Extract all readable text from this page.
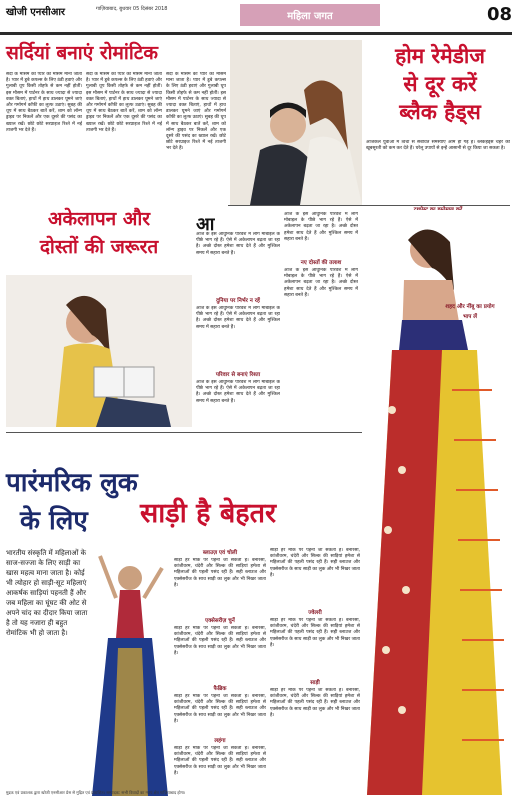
खोजी एनसीआर	गाज़ियाबाद, बुधवार 05 दिसंबर 2018
महिला जगत	08
सर्दियां बनाएं रोमांटिक
सर्दी के मौसम को प्यार का मौसम माना जाता है। प्यार में डूबे कपल्स के लिए ठंडी हवाएं और गुलाबी धूप किसी तोहफे से कम नहीं होतीं। इस मौसम में पार्टनर के साथ ज्यादा से ज्यादा वक्त बिताएं, हाथों में हाथ डालकर घूमने जाएं और गर्मागर्म कॉफी का लुत्फ उठाएं। सुबह की धूप में साथ बैठकर बातें करें, शाम को लॉन्ग ड्राइव पर निकलें और एक दूसरे की पसंद का ख्याल रखें। छोटे छोटे सरप्राइज रिश्ते में नई ताजगी भर देते हैं।
सर्दी के मौसम को प्यार का मौसम माना जाता है। प्यार में डूबे कपल्स के लिए ठंडी हवाएं और गुलाबी धूप किसी तोहफे से कम नहीं होतीं। इस मौसम में पार्टनर के साथ ज्यादा से ज्यादा वक्त बिताएं, हाथों में हाथ डालकर घूमने जाएं और गर्मागर्म कॉफी का लुत्फ उठाएं। सुबह की धूप में साथ बैठकर बातें करें, शाम को लॉन्ग ड्राइव पर निकलें और एक दूसरे की पसंद का ख्याल रखें। छोटे छोटे सरप्राइज रिश्ते में नई ताजगी भर देते हैं।
सर्दी के मौसम को प्यार का मौसम माना जाता है। प्यार में डूबे कपल्स के लिए ठंडी हवाएं और गुलाबी धूप किसी तोहफे से कम नहीं होतीं। इस मौसम में पार्टनर के साथ ज्यादा से ज्यादा वक्त बिताएं, हाथों में हाथ डालकर घूमने जाएं और गर्मागर्म कॉफी का लुत्फ उठाएं। सुबह की धूप में साथ बैठकर बातें करें, शाम को लॉन्ग ड्राइव पर निकलें और एक दूसरे की पसंद का ख्याल रखें। छोटे छोटे सरप्राइज रिश्ते में नई ताजगी भर देते हैं।
होम रेमेडीज
से दूर करें
ब्लैक हैड्स
आजकल युवाओं में त्वचा से संबंधित समस्याएं आम हो गई हैं। ब्लैकहेड्स चेहरे की खूबसूरती को कम कर देते हैं। घरेलू उपायों से इन्हें आसानी से दूर किया जा सकता है।
अकेलापन और
दोस्तों की जरूरत
आ
आज के इस आधुनिक परिवेश में लोग मोबाइल के पीछे भाग रहे हैं। ऐसे में अकेलापन बढ़ता जा रहा है। अच्छे दोस्त हमेशा साथ देते हैं और मुश्किल समय में सहारा बनते हैं।
दुनिया पर निर्भर न रहें
आज के इस आधुनिक परिवेश में लोग मोबाइल के पीछे भाग रहे हैं। ऐसे में अकेलापन बढ़ता जा रहा है। अच्छे दोस्त हमेशा साथ देते हैं और मुश्किल समय में सहारा बनते हैं।
परिवार से बनाएं रिश्ता
आज के इस आधुनिक परिवेश में लोग मोबाइल के पीछे भाग रहे हैं। ऐसे में अकेलापन बढ़ता जा रहा है। अच्छे दोस्त हमेशा साथ देते हैं और मुश्किल समय में सहारा बनते हैं।
आज के इस आधुनिक परिवेश में लोग मोबाइल के पीछे भाग रहे हैं। ऐसे में अकेलापन बढ़ता जा रहा है। अच्छे दोस्त हमेशा साथ देते हैं और मुश्किल समय में सहारा बनते हैं।
नए दोस्तों की तलाश
आज के इस आधुनिक परिवेश में लोग मोबाइल के पीछे भाग रहे हैं। ऐसे में अकेलापन बढ़ता जा रहा है। अच्छे दोस्त हमेशा साथ देते हैं और मुश्किल समय में सहारा बनते हैं।
शहद और नींबू का प्रयोग
भाप लें
पारंमरिक लुक
के लिए	साड़ी है बेहतर
भारतीय संस्कृति में महिलाओं के साज-सज्जा के लिए साड़ी का खास महत्व माना जाता है। कोई भी त्योहार हो साड़ी-सूट महिलाएं आकर्षक साड़ियां पहनती हैं और जब महिला का घूंघट की ओट से अपने चांद का दीदार किया जाता है तो यह नजारा ही बहुत रोमांटिक भी हो जाता है।
ब्लाउज़ एवं चोली
साड़ी हर मौके पर पहनी जा सकती है। बनारसी, कांजीवरम, चंदेरी और सिल्क की साड़ियां हमेशा से महिलाओं की पहली पसंद रही हैं। सही ब्लाउज और एक्सेसरीज के साथ साड़ी का लुक और भी निखर जाता है।
एक्सेसरीज़ चुनें
साड़ी हर मौके पर पहनी जा सकती है। बनारसी, कांजीवरम, चंदेरी और सिल्क की साड़ियां हमेशा से महिलाओं की पहली पसंद रही हैं। सही ब्लाउज और एक्सेसरीज के साथ साड़ी का लुक और भी निखर जाता है।
फैब्रिक
साड़ी हर मौके पर पहनी जा सकती है। बनारसी, कांजीवरम, चंदेरी और सिल्क की साड़ियां हमेशा से महिलाओं की पहली पसंद रही हैं। सही ब्लाउज और एक्सेसरीज के साथ साड़ी का लुक और भी निखर जाता है।
लहंगा
साड़ी हर मौके पर पहनी जा सकती है। बनारसी, कांजीवरम, चंदेरी और सिल्क की साड़ियां हमेशा से महिलाओं की पहली पसंद रही हैं। सही ब्लाउज और एक्सेसरीज के साथ साड़ी का लुक और भी निखर जाता है।
साड़ी हर मौके पर पहनी जा सकती है। बनारसी, कांजीवरम, चंदेरी और सिल्क की साड़ियां हमेशा से महिलाओं की पहली पसंद रही हैं। सही ब्लाउज और एक्सेसरीज के साथ साड़ी का लुक और भी निखर जाता है।
ज्वेलरी
साड़ी हर मौके पर पहनी जा सकती है। बनारसी, कांजीवरम, चंदेरी और सिल्क की साड़ियां हमेशा से महिलाओं की पहली पसंद रही हैं। सही ब्लाउज और एक्सेसरीज के साथ साड़ी का लुक और भी निखर जाता है।
साड़ी
साड़ी हर मौके पर पहनी जा सकती है। बनारसी, कांजीवरम, चंदेरी और सिल्क की साड़ियां हमेशा से महिलाओं की पहली पसंद रही हैं। सही ब्लाउज और एक्सेसरीज के साथ साड़ी का लुक और भी निखर जाता है।
मुद्रक एवं प्रकाशक द्वारा खोजी एनसीआर प्रेस से मुद्रित एवं प्रकाशित। सम्पादक: सभी विवादों का न्याय क्षेत्र गाज़ियाबाद होगा।
